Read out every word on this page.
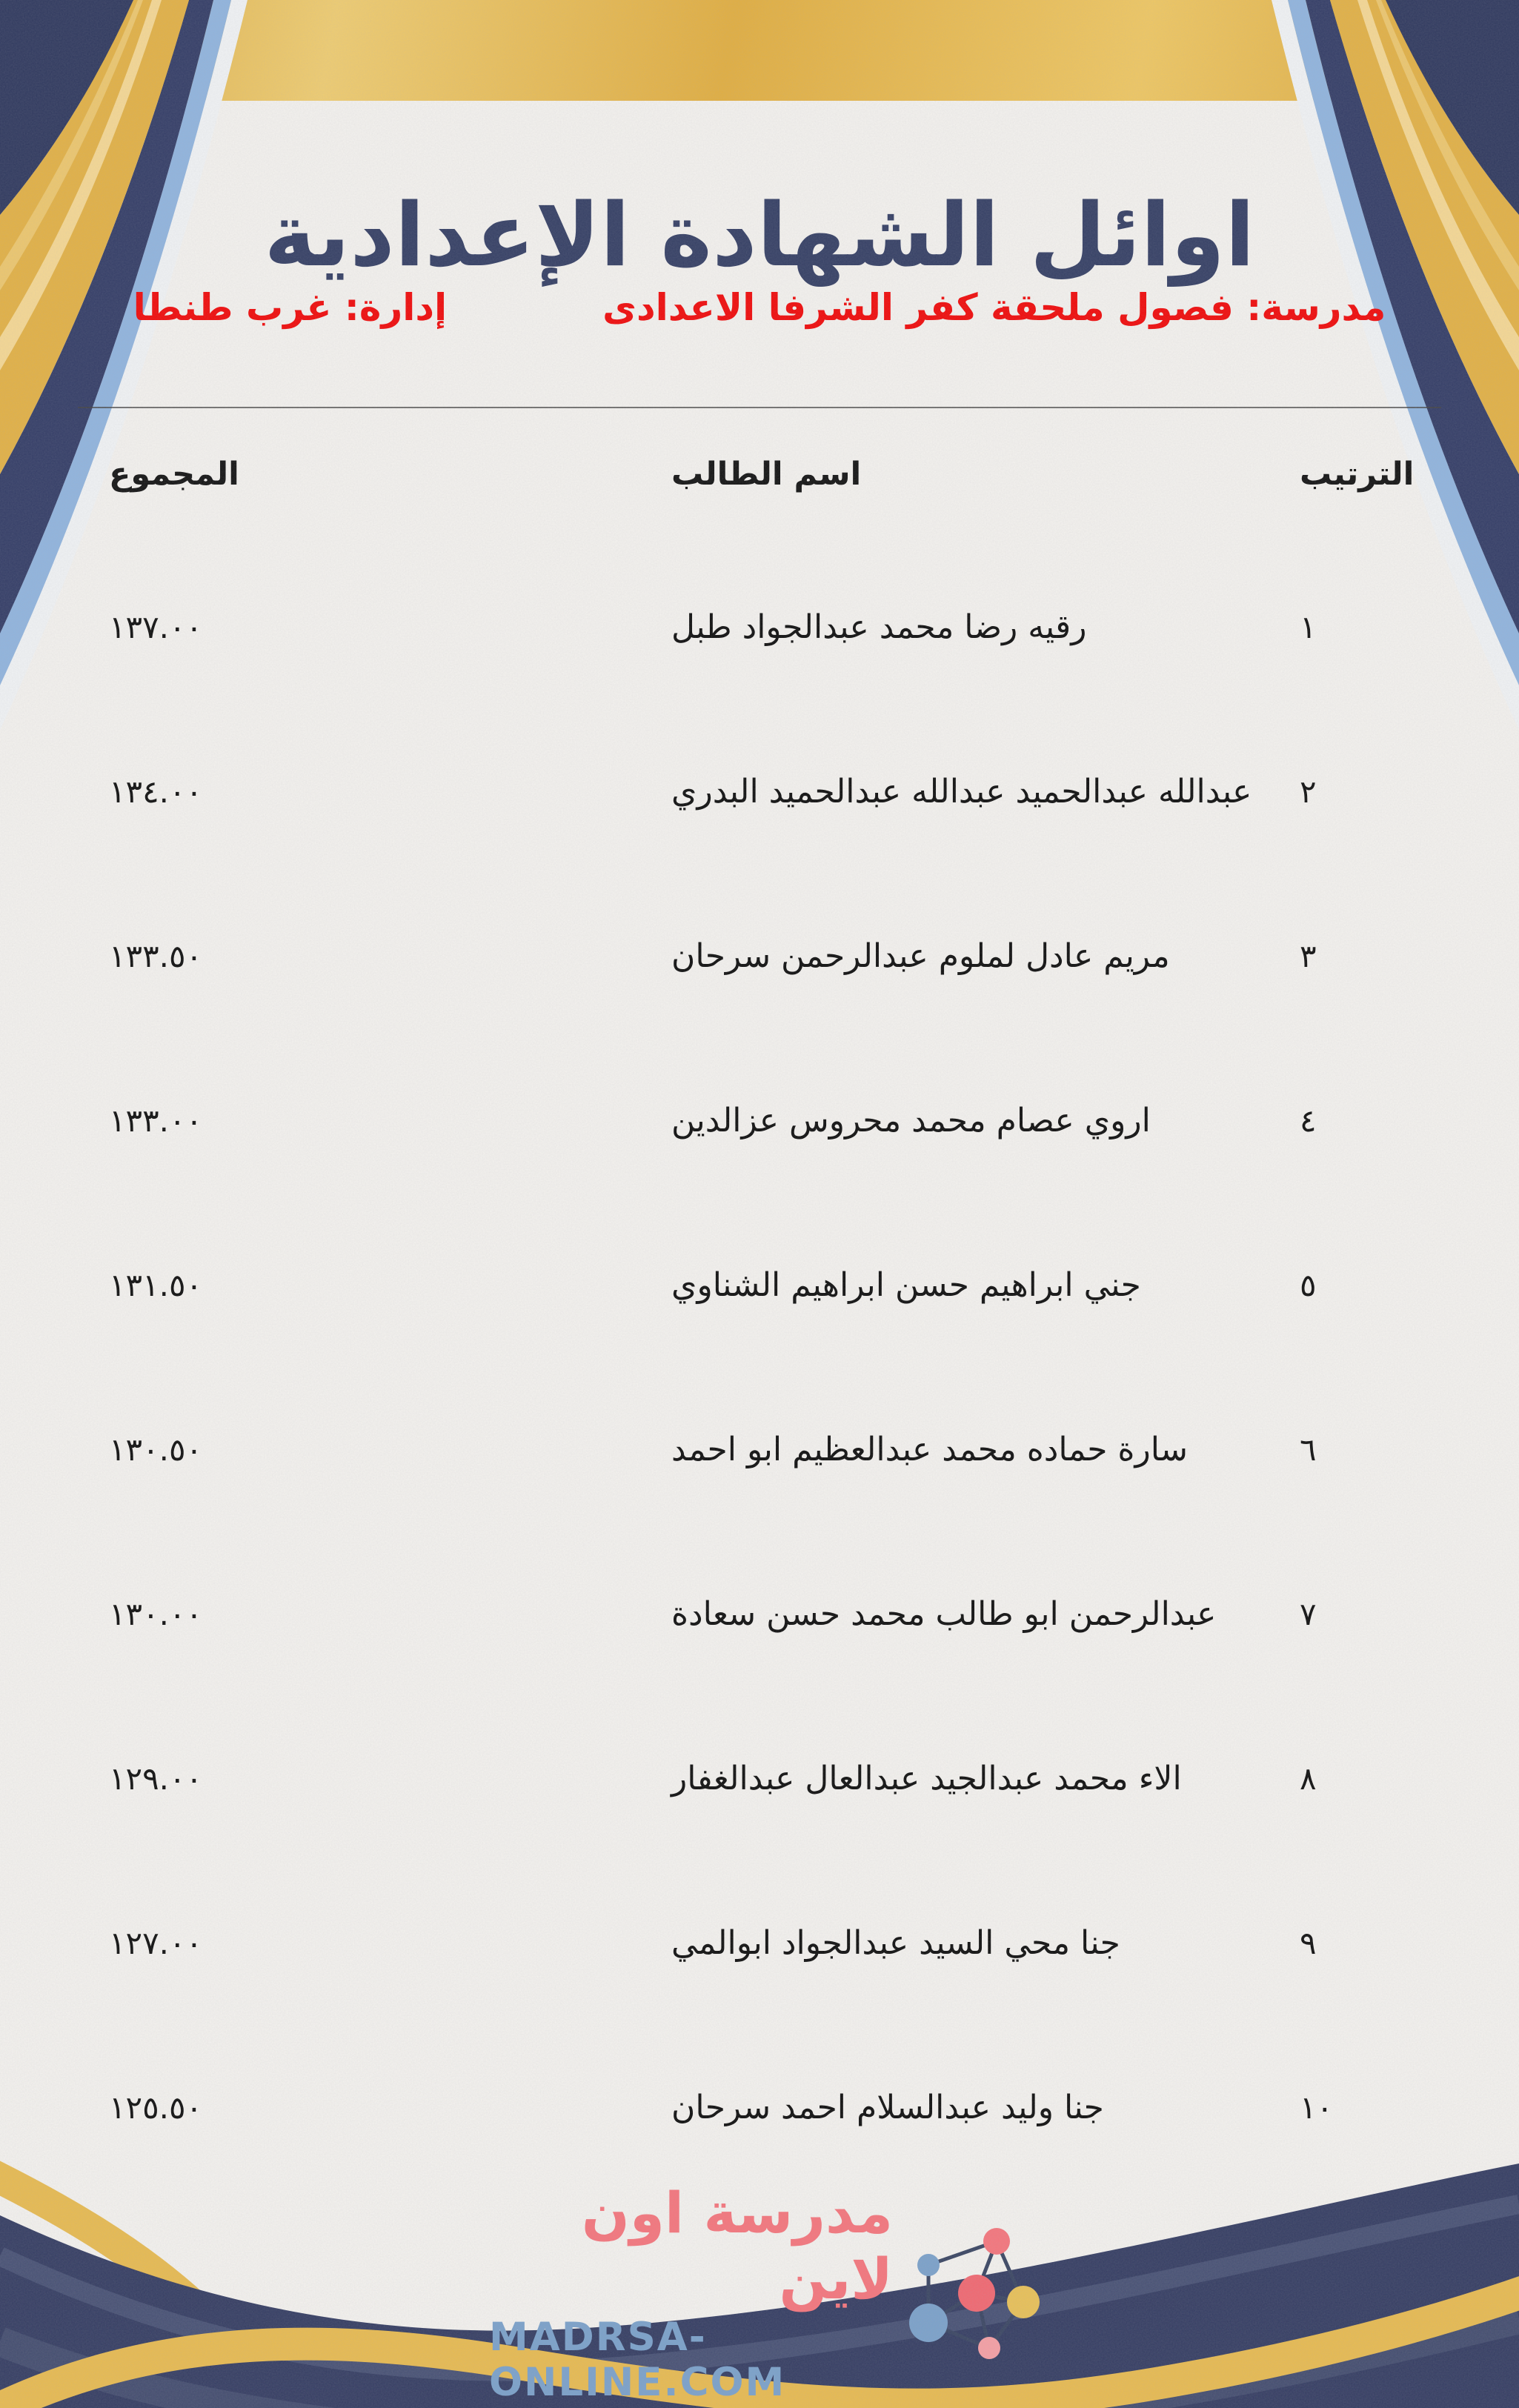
اوائل الشهادة الإعدادية
مدرسة: فصول ملحقة كفر الشرفا الاعدادى
إدارة: غرب طنطا
المجموع	اسم الطالب	الترتيب
١٣٧.٠٠	رقيه رضا محمد عبدالجواد طبل	١
١٣٤.٠٠	عبدالله عبدالحميد عبدالله عبدالحميد البدري	٢
١٣٣.٥٠	مريم عادل لملوم عبدالرحمن سرحان	٣
١٣٣.٠٠	اروي عصام محمد محروس عزالدين	٤
١٣١.٥٠	جني ابراهيم حسن ابراهيم الشناوي	٥
١٣٠.٥٠	سارة حماده محمد عبدالعظيم ابو احمد	٦
١٣٠.٠٠	عبدالرحمن ابو طالب محمد حسن سعادة	٧
١٢٩.٠٠	الاء محمد عبدالجيد عبدالعال عبدالغفار	٨
١٢٧.٠٠	جنا محي السيد عبدالجواد ابوالمي	٩
١٢٥.٥٠	جنا وليد عبدالسلام احمد سرحان	١٠
مدرسة اون لاين
MADRSA-ONLINE.COM
